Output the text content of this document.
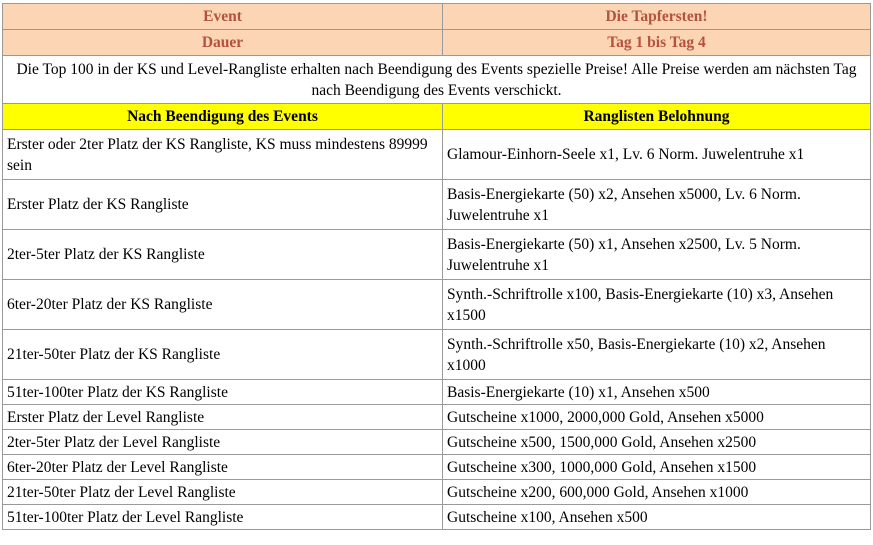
Event	Die Tapfersten!
Dauer	Tag 1 bis Tag 4
Die Top 100 in der KS und Level-Rangliste erhalten nach Beendigung des Events spezielle Preise! Alle Preise werden am nächsten Tag nach Beendigung des Events verschickt.	
Nach Beendigung des Events	Ranglisten Belohnung
Erster oder 2ter Platz der KS Rangliste, KS muss mindestens 89999 sein	Glamour-Einhorn-Seele x1, Lv. 6 Norm. Juwelentruhe x1
Erster Platz der KS Rangliste	Basis-Energiekarte (50) x2, Ansehen x5000, Lv. 6 Norm. Juwelentruhe x1
2ter-5ter Platz der KS Rangliste	Basis-Energiekarte (50) x1, Ansehen x2500, Lv. 5 Norm. Juwelentruhe x1
6ter-20ter Platz der KS Rangliste	Synth.-Schriftrolle x100, Basis-Energiekarte (10) x3, Ansehen x1500
21ter-50ter Platz der KS Rangliste	Synth.-Schriftrolle x50, Basis-Energiekarte (10) x2, Ansehen x1000
51ter-100ter Platz der KS Rangliste	Basis-Energiekarte (10) x1, Ansehen x500
Erster Platz der Level Rangliste	Gutscheine x1000, 2000,000 Gold, Ansehen x5000
2ter-5ter Platz der Level Rangliste	Gutscheine x500, 1500,000 Gold, Ansehen x2500
6ter-20ter Platz der Level Rangliste	Gutscheine x300, 1000,000 Gold, Ansehen x1500
21ter-50ter Platz der Level Rangliste	Gutscheine x200, 600,000 Gold, Ansehen x1000
51ter-100ter Platz der Level Rangliste	Gutscheine x100, Ansehen x500
